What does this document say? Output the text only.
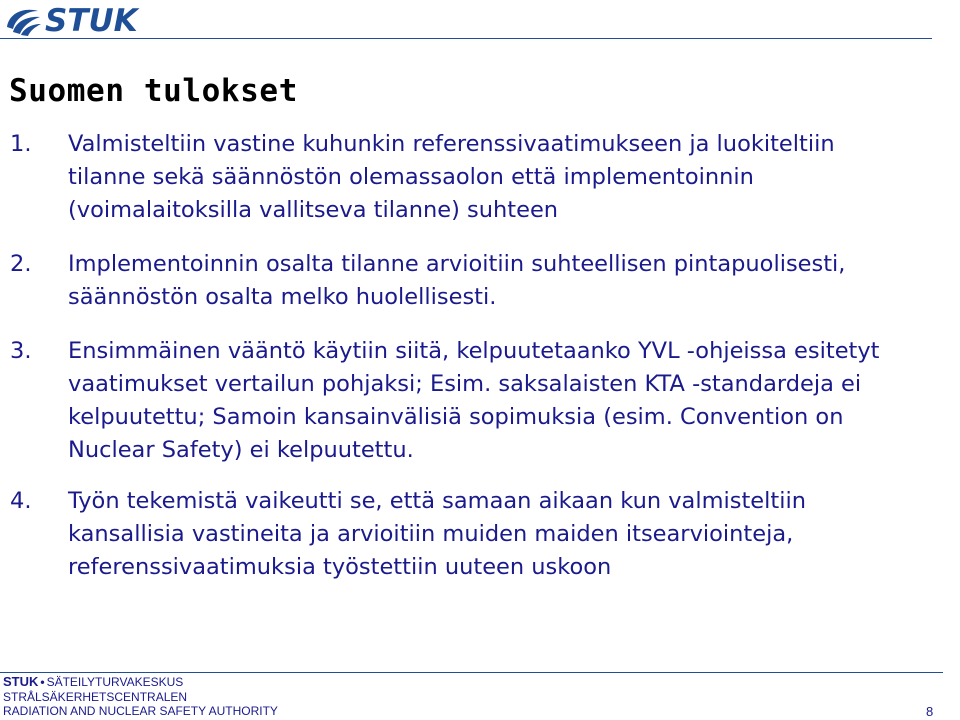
STUK
Suomen tulokset
1. Valmisteltiin vastine kuhunkin referenssivaatimukseen ja luokiteltiin
tilanne sekä säännöstön olemassaolon että implementoinnin
(voimalaitoksilla vallitseva tilanne) suhteen
2. Implementoinnin osalta tilanne arvioitiin suhteellisen pintapuolisesti,
säännöstön osalta melko huolellisesti.
3. Ensimmäinen vääntö käytiin siitä, kelpuutetaanko YVL -ohjeissa esitetyt
vaatimukset vertailun pohjaksi; Esim. saksalaisten KTA -standardeja ei
kelpuutettu; Samoin kansainvälisiä sopimuksia (esim. Convention on
Nuclear Safety) ei kelpuutettu.
4. Työn tekemistä vaikeutti se, että samaan aikaan kun valmisteltiin
kansallisia vastineita ja arvioitiin muiden maiden itsearviointeja,
referenssivaatimuksia työstettiin uuteen uskoon
STUK • SÄTEILYTURVAKESKUS
STRÅLSÄKERHETSCENTRALEN
RADIATION AND NUCLEAR SAFETY AUTHORITY	8
